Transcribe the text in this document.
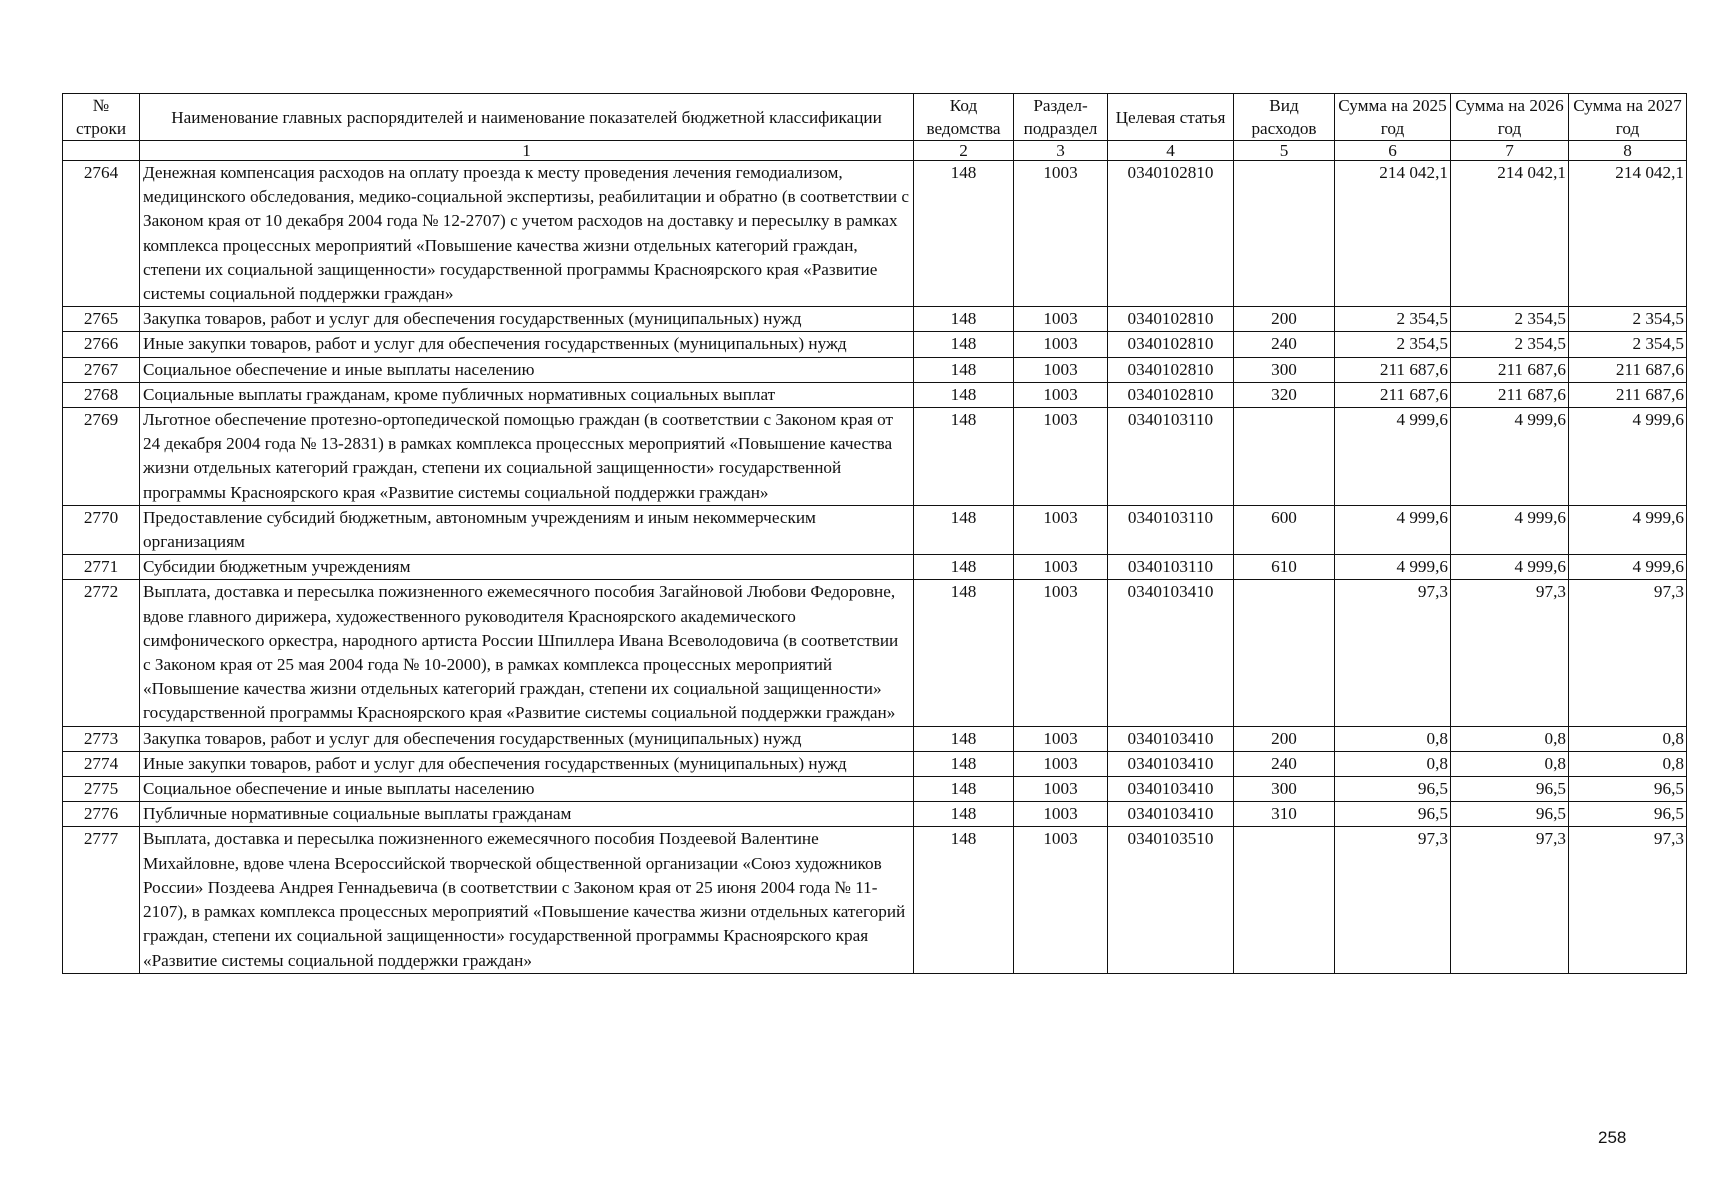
№ строки	Наименование главных распорядителей и наименование показателей бюджетной классификации	Код ведомства	Раздел-подраздел	Целевая статья	Вид расходов	Сумма на 2025 год	Сумма на 2026 год	Сумма на 2027 год
	1	2	3	4	5	6	7	8
2764	Денежная компенсация расходов на оплату проезда к месту проведения лечения гемодиализом, медицинского обследования, медико-социальной экспертизы, реабилитации и обратно (в соответствии с Законом края от 10 декабря 2004 года № 12-2707) с учетом расходов на доставку и пересылку в рамках комплекса процессных мероприятий «Повышение качества жизни отдельных категорий граждан, степени их социальной защищенности» государственной программы Красноярского края «Развитие системы социальной поддержки граждан»	148	1003	0340102810		214 042,1	214 042,1	214 042,1
2765	Закупка товаров, работ и услуг для обеспечения государственных (муниципальных) нужд	148	1003	0340102810	200	2 354,5	2 354,5	2 354,5
2766	Иные закупки товаров, работ и услуг для обеспечения государственных (муниципальных) нужд	148	1003	0340102810	240	2 354,5	2 354,5	2 354,5
2767	Социальное обеспечение и иные выплаты населению	148	1003	0340102810	300	211 687,6	211 687,6	211 687,6
2768	Социальные выплаты гражданам, кроме публичных нормативных социальных выплат	148	1003	0340102810	320	211 687,6	211 687,6	211 687,6
2769	Льготное обеспечение протезно-ортопедической помощью граждан (в соответствии с Законом края от 24 декабря 2004 года № 13-2831) в рамках комплекса процессных мероприятий «Повышение качества жизни отдельных категорий граждан, степени их социальной защищенности» государственной программы Красноярского края «Развитие системы социальной поддержки граждан»	148	1003	0340103110		4 999,6	4 999,6	4 999,6
2770	Предоставление субсидий бюджетным, автономным учреждениям и иным некоммерческим организациям	148	1003	0340103110	600	4 999,6	4 999,6	4 999,6
2771	Субсидии бюджетным учреждениям	148	1003	0340103110	610	4 999,6	4 999,6	4 999,6
2772	Выплата, доставка и пересылка пожизненного ежемесячного пособия Загайновой Любови Федоровне, вдове главного дирижера, художественного руководителя Красноярского академического симфонического оркестра, народного артиста России Шпиллера Ивана Всеволодовича (в соответствии с Законом края от 25 мая 2004 года № 10-2000), в рамках комплекса процессных мероприятий «Повышение качества жизни отдельных категорий граждан, степени их социальной защищенности» государственной программы Красноярского края «Развитие системы социальной поддержки граждан»	148	1003	0340103410		97,3	97,3	97,3
2773	Закупка товаров, работ и услуг для обеспечения государственных (муниципальных) нужд	148	1003	0340103410	200	0,8	0,8	0,8
2774	Иные закупки товаров, работ и услуг для обеспечения государственных (муниципальных) нужд	148	1003	0340103410	240	0,8	0,8	0,8
2775	Социальное обеспечение и иные выплаты населению	148	1003	0340103410	300	96,5	96,5	96,5
2776	Публичные нормативные социальные выплаты гражданам	148	1003	0340103410	310	96,5	96,5	96,5
2777	Выплата, доставка и пересылка пожизненного ежемесячного пособия Поздеевой Валентине Михайловне, вдове члена Всероссийской творческой общественной организации «Союз художников России» Поздеева Андрея Геннадьевича (в соответствии с Законом края от 25 июня 2004 года № 11-2107), в рамках комплекса процессных мероприятий «Повышение качества жизни отдельных категорий граждан, степени их социальной защищенности» государственной программы Красноярского края «Развитие системы социальной поддержки граждан»	148	1003	0340103510		97,3	97,3	97,3
258
